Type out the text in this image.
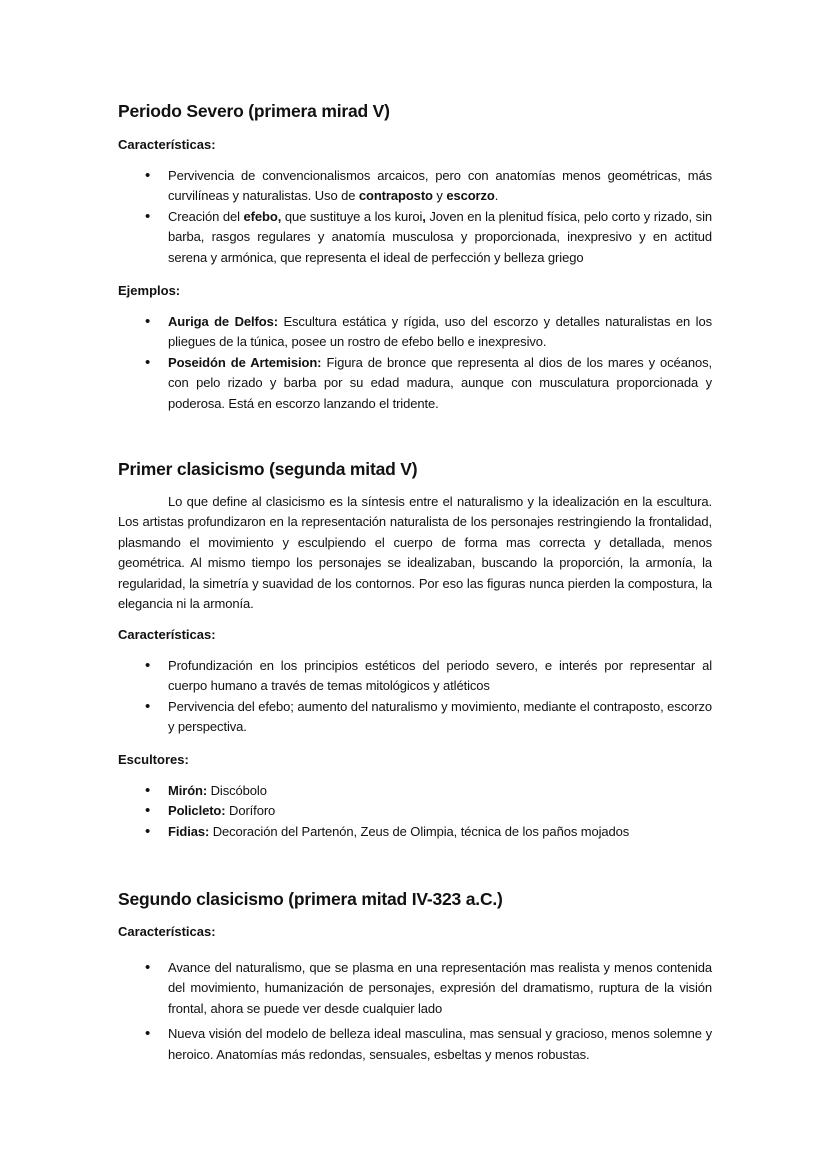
Periodo Severo (primera mirad V)
Características:
• Pervivencia de convencionalismos arcaicos, pero con anatomías menos geométricas, más curvilíneas y naturalistas. Uso de contraposto y escorzo.
• Creación del efebo, que sustituye a los kuroi, Joven en la plenitud física, pelo corto y rizado, sin barba, rasgos regulares y anatomía musculosa y proporcionada, inexpresivo y en actitud serena y armónica, que representa el ideal de perfección y belleza griego
Ejemplos:
• Auriga de Delfos: Escultura estática y rígida, uso del escorzo y detalles naturalistas en los pliegues de la túnica, posee un rostro de efebo bello e inexpresivo.
• Poseidón de Artemision: Figura de bronce que representa al dios de los mares y océanos, con pelo rizado y barba por su edad madura, aunque con musculatura proporcionada y poderosa. Está en escorzo lanzando el tridente.
Primer clasicismo (segunda mitad V)

Lo que define al clasicismo es la síntesis entre el naturalismo y la idealización en la escultura. Los artistas profundizaron en la representación naturalista de los personajes restringiendo la frontalidad, plasmando el movimiento y esculpiendo el cuerpo de forma mas correcta y detallada, menos geométrica. Al mismo tiempo los personajes se idealizaban, buscando la proporción, la armonía, la regularidad, la simetría y suavidad de los contornos. Por eso las figuras nunca pierden la compostura, la elegancia ni la armonía.

Características:
• Profundización en los principios estéticos del periodo severo, e interés por representar al cuerpo humano a través de temas mitológicos y atléticos
• Pervivencia del efebo; aumento del naturalismo y movimiento, mediante el contraposto, escorzo y perspectiva.
Escultores:
• Mirón: Discóbolo
• Policleto: Doríforo
• Fidias: Decoración del Partenón, Zeus de Olimpia, técnica de los paños mojados
Segundo clasicismo (primera mitad IV-323 a.C.)
Características:
• Avance del naturalismo, que se plasma en una representación mas realista y menos contenida del movimiento, humanización de personajes, expresión del dramatismo, ruptura de la visión frontal, ahora se puede ver desde cualquier lado
• Nueva visión del modelo de belleza ideal masculina, mas sensual y gracioso, menos solemne y heroico. Anatomías más redondas, sensuales, esbeltas y menos robustas.
